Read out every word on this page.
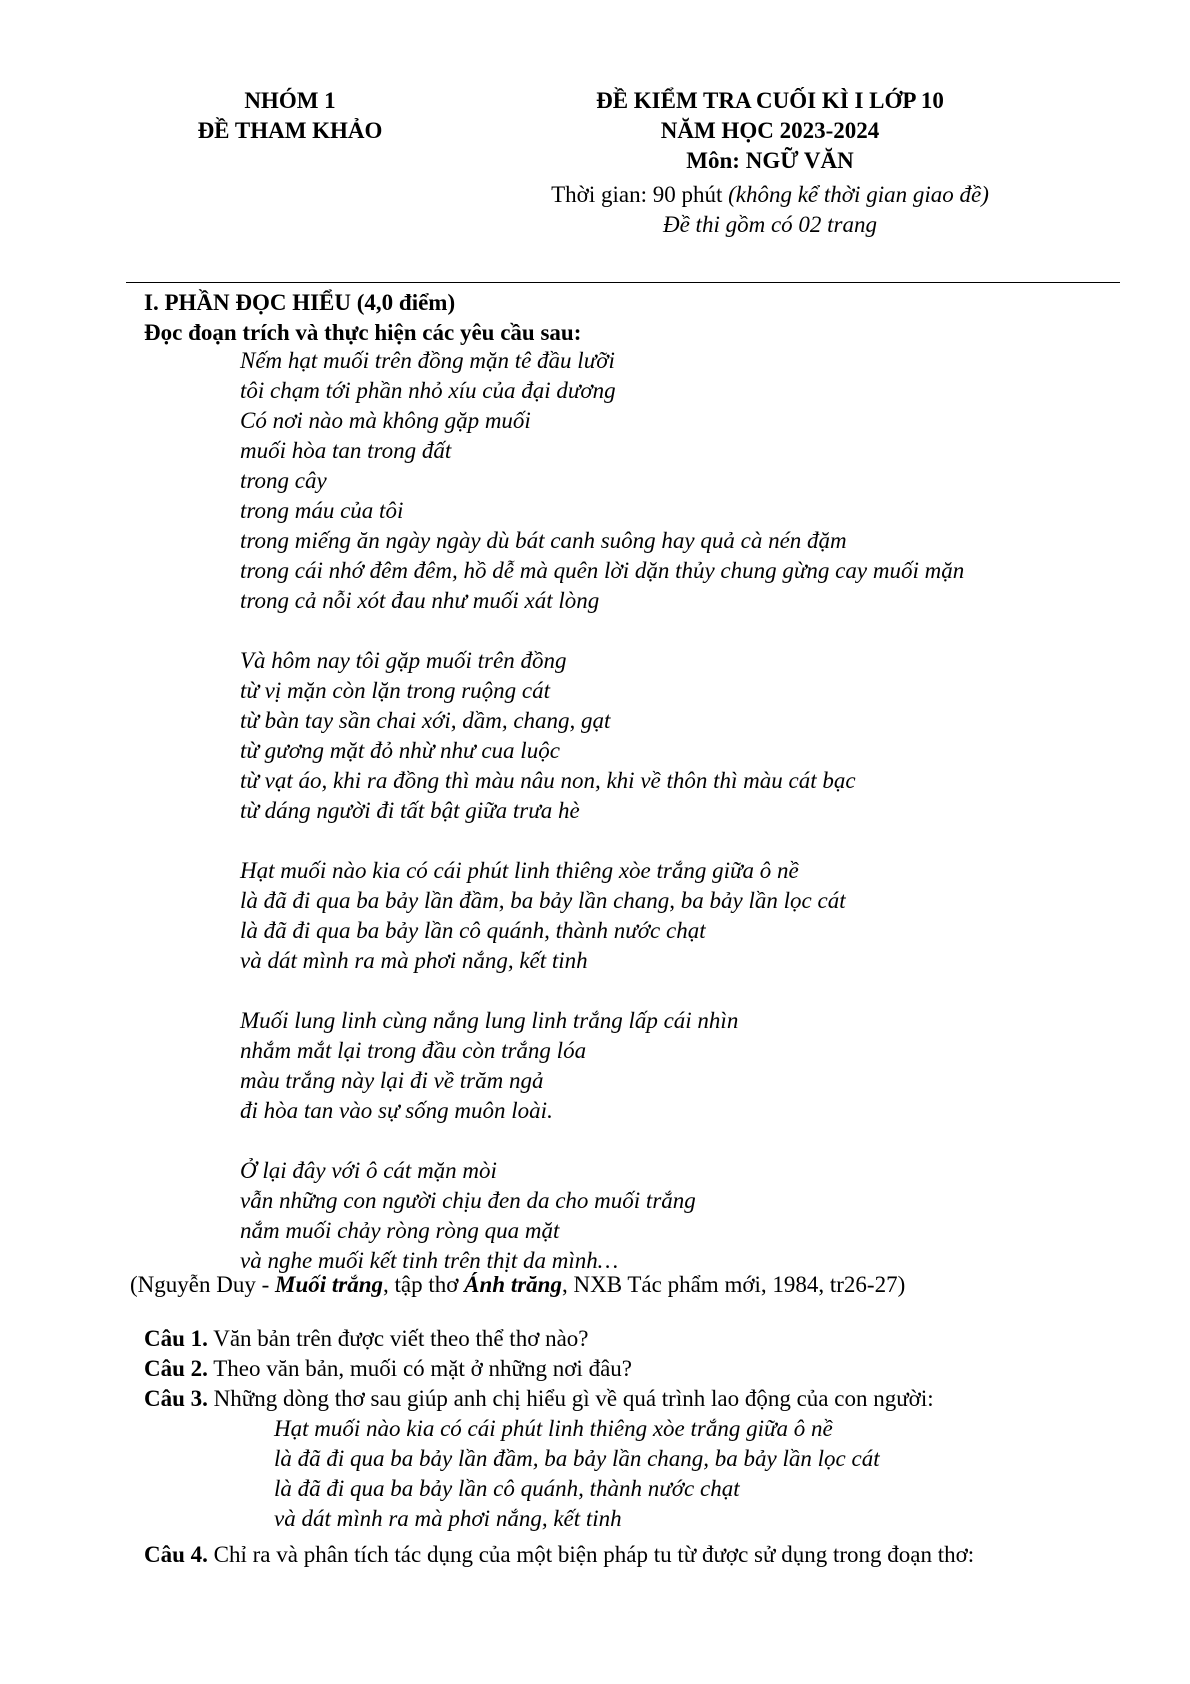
NHÓM 1
ĐỀ THAM KHẢO
ĐỀ KIỂM TRA CUỐI KÌ I LỚP 10
NĂM HỌC 2023-2024
Môn: NGỮ VĂN
Thời gian: 90 phút (không kể thời gian giao đề)
Đề thi gồm có 02 trang
I. PHẦN ĐỌC HIỂU (4,0 điểm)
Đọc đoạn trích và thực hiện các yêu cầu sau:
Nếm hạt muối trên đồng mặn tê đầu lưỡi
tôi chạm tới phần nhỏ xíu của đại dương
Có nơi nào mà không gặp muối
muối hòa tan trong đất
trong cây
trong máu của tôi
trong miếng ăn ngày ngày dù bát canh suông hay quả cà nén đặm
trong cái nhớ đêm đêm, hồ dễ mà quên lời dặn thủy chung gừng cay muối mặn
trong cả nỗi xót đau như muối xát lòng
Và hôm nay tôi gặp muối trên đồng
từ vị mặn còn lặn trong ruộng cát
từ bàn tay sần chai xới, dầm, chang, gạt
từ gương mặt đỏ nhừ như cua luộc
từ vạt áo, khi ra đồng thì màu nâu non, khi về thôn thì màu cát bạc
từ dáng người đi tất bật giữa trưa hè
Hạt muối nào kia có cái phút linh thiêng xòe trắng giữa ô nề
là đã đi qua ba bảy lần đầm, ba bảy lần chang, ba bảy lần lọc cát
là đã đi qua ba bảy lần cô quánh, thành nước chạt
và dát mình ra mà phơi nắng, kết tinh
Muối lung linh cùng nắng lung linh trắng lấp cái nhìn
nhắm mắt lại trong đầu còn trắng lóa
màu trắng này lại đi về trăm ngả
đi hòa tan vào sự sống muôn loài.
Ở lại đây với ô cát mặn mòi
vẫn những con người chịu đen da cho muối trắng
nắm muối chảy ròng ròng qua mặt
và nghe muối kết tinh trên thịt da mình…
(Nguyễn Duy - Muối trắng, tập thơ Ánh trăng, NXB Tác phẩm mới, 1984, tr26-27)
Câu 1. Văn bản trên được viết theo thể thơ nào?
Câu 2. Theo văn bản, muối có mặt ở những nơi đâu?
Câu 3. Những dòng thơ sau giúp anh chị hiểu gì về quá trình lao động của con người:
Hạt muối nào kia có cái phút linh thiêng xòe trắng giữa ô nề
là đã đi qua ba bảy lần đầm, ba bảy lần chang, ba bảy lần lọc cát
là đã đi qua ba bảy lần cô quánh, thành nước chạt
và dát mình ra mà phơi nắng, kết tinh
Câu 4. Chỉ ra và phân tích tác dụng của một biện pháp tu từ được sử dụng trong đoạn thơ:
